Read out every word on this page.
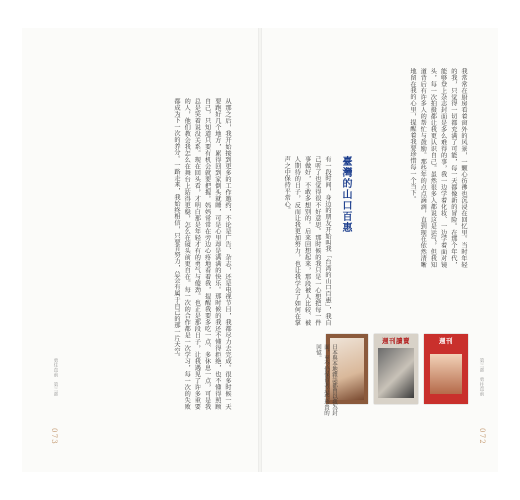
073
勇往直前　第三部	从那之后，我开始接到更多的工作邀约，不论是广告、杂志，还是电视节目，我都尽力去完成。很多时候一天要跑好几个地方，累得回到家倒头就睡，可是心里却是满满的快乐。那时候的我还不懂得拒绝，也不懂得照顾自己，只知道只要有机会就要把握。妈妈常常在旁边心疼地看着我，提醒我要多吃一点、多休息一点，可是我总是笑着说没关系。现在回头看，才明白那是年轻才有的勇气与傻劲。也正是那段日子，让我遇见了许多重要的人，他们教会我怎么在舞台上站得更稳，怎么在镜头前更自在。每一次的合作都是一次学习，每一次的失败都成为下一次的养分。一路走来，我始终相信，只要肯努力，总会有属于自己的那一片天空。
第三部　勇往直前
072
我常常在厨房看着窗外的风景，一颗心彷彿也沉浸在回忆里。当时年轻的我，只觉得一切都充满了可能，每一天都像新的冒险。在那个年代，能够登上杂志封面是多么难得的事，我一边学着化妆、一边学着面对镜头，每一次拍摄都让我更认识自己。虽然很多人都说这是运气，但我知道背后有许多人的帮忙与鼓励。那些年的点点滴滴，直到现在依然清晰地留在我的心里，提醒着我要珍惜每一个当下。
臺灣的山口百惠
有一段时间，身边的朋友开始叫我「台湾的山口百惠」，我自己听了也觉得很不好意思。那时候的我只是一心想把每一件事做好，不敢多想别的。后来回想起来，那段被人比较、被人期待的日子，反而让我更加努力，也让我学会了如何在掌声之中保持平常心。
週刊
週刊讀賣
日本與本地雜誌都曾以我為封面，至今仍保留著這些珍貴的回憶。
